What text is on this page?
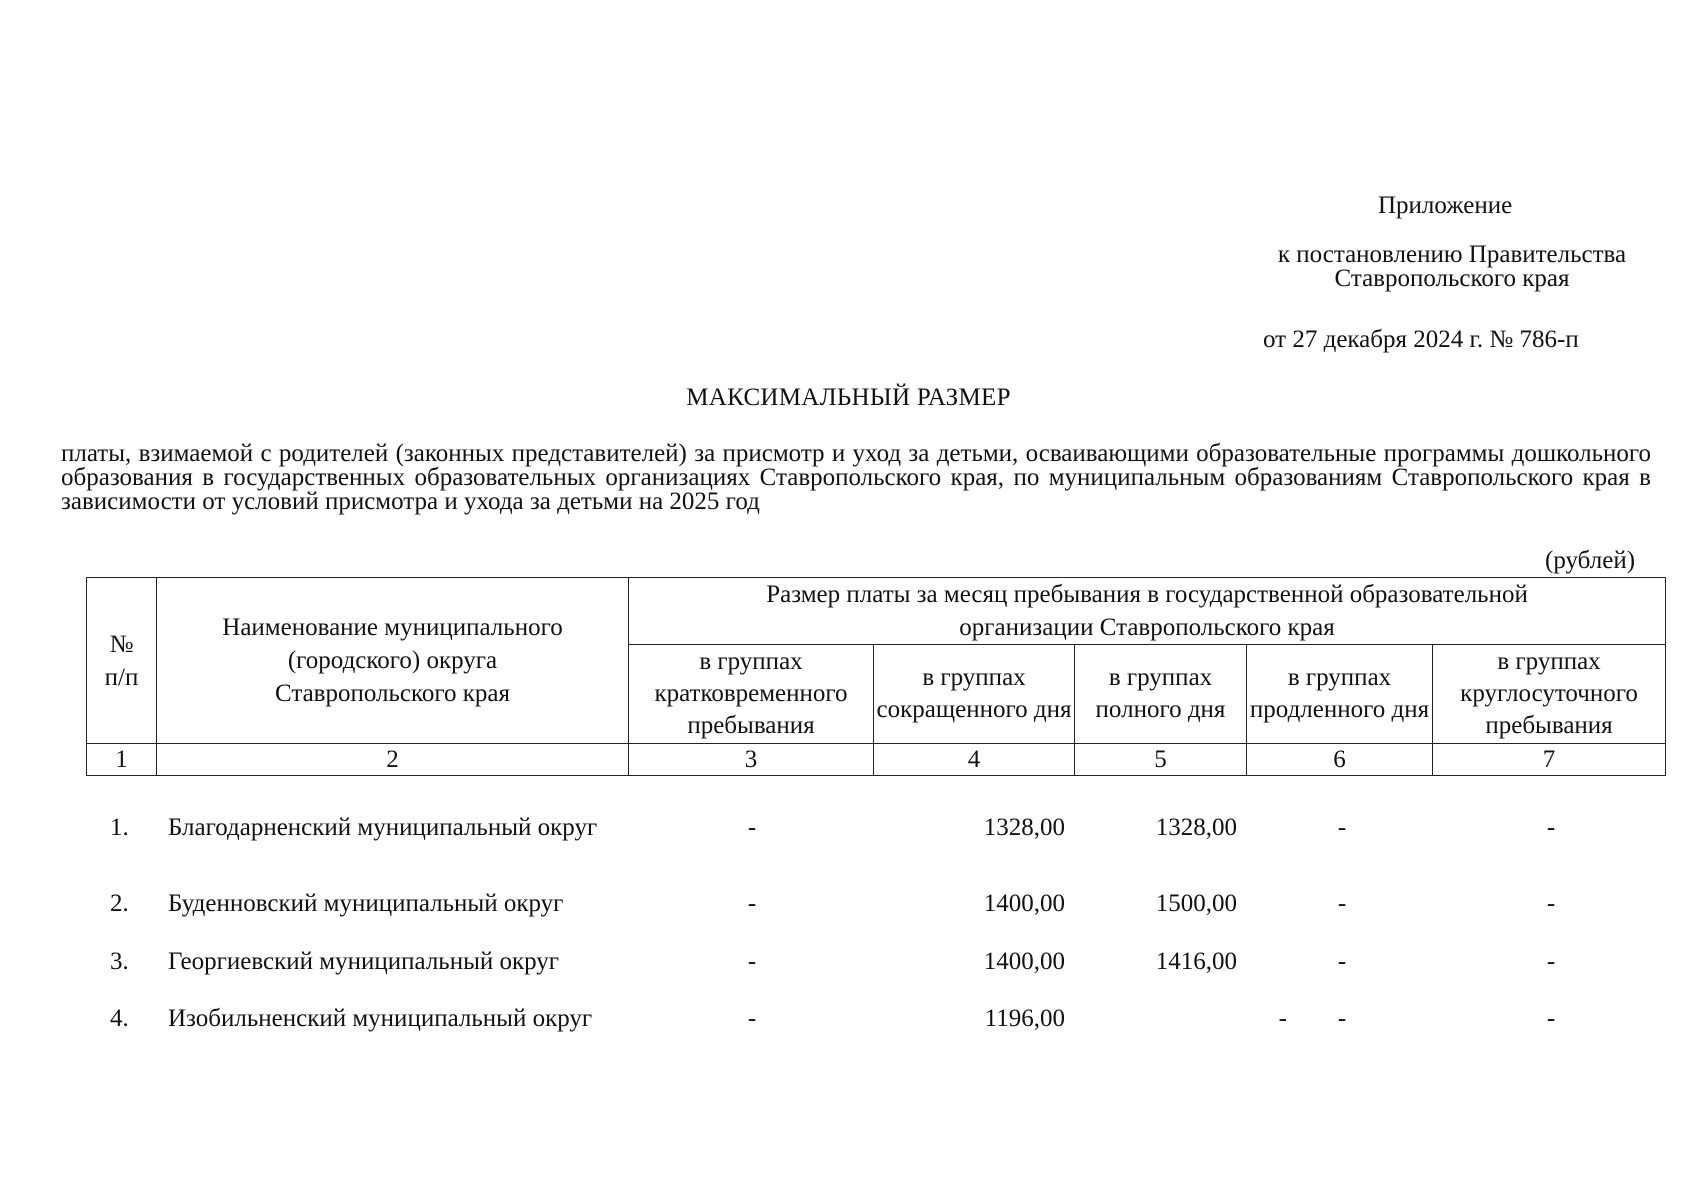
Приложение
к постановлению Правительства Ставропольского края
от 27 декабря 2024 г. № 786-п
МАКСИМАЛЬНЫЙ РАЗМЕР
платы, взимаемой с родителей (законных представителей) за присмотр и уход за детьми, осваивающими образовательные программы дошкольного образования в государственных образовательных организациях Ставропольского края, по муниципальным образованиям Ставропольского края в зависимости от условий присмотра и ухода за детьми на 2025 год
(рублей)
№ п/п	Наименование муниципального (городского) округа Ставропольского края	Размер платы за месяц пребывания в государственной образовательной организации Ставропольского края				
		в группах кратковременного пребывания	в группах сокращенного дня	в группах полного дня	в группах продленного дня	в группах круглосуточного пребывания
1	2	3	4	5	6	7
1. Благодарненский муниципальный округ	-	1328,00	1328,00	-	-
2. Буденновский муниципальный округ	-	1400,00	1500,00	-	-
3. Георгиевский муниципальный округ	-	1400,00	1416,00	-	-
4. Изобильненский муниципальный округ	-	1196,00	-	-	-
